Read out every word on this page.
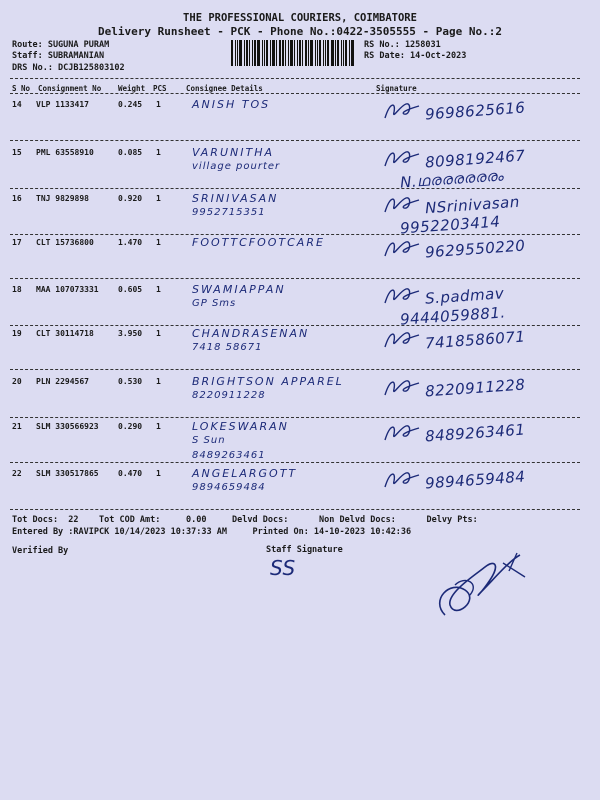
THE PROFESSIONAL COURIERS, COIMBATORE
Delivery Runsheet - PCK - Phone No.:0422-3505555 - Page No.:2
Route: SUGUNA PURAM
Staff: SUBRAMANIAN
DRS No.: DCJB125803102
RS No.: 1258031
RS Date: 14-Oct-2023
S No Consignment No Weight PCS	Consignee Details	Signature
14 VLP 1133417	0.245 1	ANISH TOS	9698625616
15 PML 63558910	0.085 1	VARUNITHA
village pourter	8098192467
N.ഥരരരരരരം
16 TNJ 9829898	0.920 1	SRINIVASAN
9952715351	NSrinivasan
9952203414
17 CLT 15736800	1.470 1	FOOTTCFOOTCARE	9629550220
18 MAA 107073331 0.605 1	SWAMIAPPAN
GP Sms	S.padmav
9444059881.
19 CLT 30114718	3.950 1	CHANDRASENAN
7418 58671	7418586071
20 PLN 2294567	0.530 1	BRIGHTSON APPAREL
8220911228	8220911228
21 SLM 330566923 0.290 1	LOKESWARAN
S Sun
8489263461
8489263461
22 SLM 330517865 0.470 1	ANGELARGOTT
9894659484	9894659484
Tot Docs:  22    Tot COD Amt:     0.00     Delvd Docs:      Non Delvd Docs:      Delvy Pts:
Entered By :RAVIPCK 10/14/2023 10:37:33 AM     Printed On: 14-10-2023 10:42:36
Verified By	Staff Signature
SS
